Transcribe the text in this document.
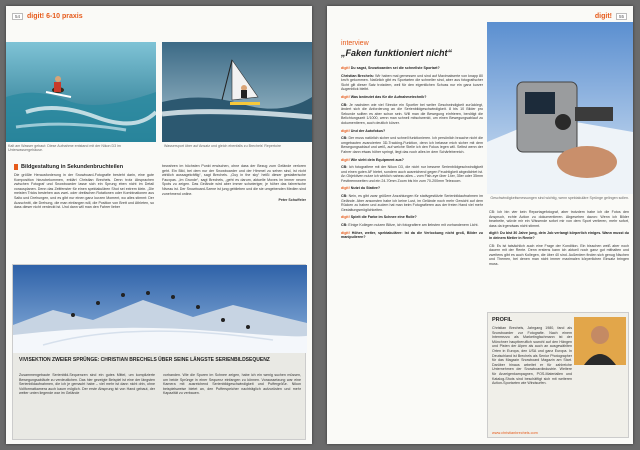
54	digit! 6-10 praxis
Kalt am Wasser gebaut: Diese Aufnahme entstand mit der Nikon D3 im Unterwassergehäuse.
Wassersport über auf Ansatz und gleich ebenfalls zu Brechels' Repertoire
Bildgestaltung in Sekundenbruchteilen
Die größte Herausforderung in der Snowboard-Fotografie besteht darin, eine gute Komposition hinzubekommen, erklärt Christian Brechels. Denn trotz Absprachen zwischen Fotograf und Snowboarder lasse sich ein Sprung eben nicht im Detail vorausplanen. Denn das Zeitfenster für einen spektakulären Shot sei extrem klein. „Die meisten Tricks bestehen aus zwei- oder dreifachen Rotationen oder Kombinationen aus Salto und Drehungen, und es gibt nur einen ganz kurzen Moment, wo alles stimmt: Der Ausschnitt, die Drehung, die man einfangen will, die Position von Brett und Athleten, so dass dieser nicht verdeckt ist. Und dann will man den Fahrer lieber
bewahren im höchsten Punkt erwischen, ohne dass der Bezug zum Gelände verloren geht. Ein Bild, bei dem nur der Snowboarder und der Himmel zu sehen sind, ist nicht wirklich aussagekräftig“, sagt Brechels. „Guy in the sky“ heißt dieser gestalterische Fauxpas. „Im Grunde“, sagt Brechels, „geht es darum, aktuelle Moves im immer neuen Spots zu zeigen. Das Gelände wird aber immer schwieriger, je höher das fahrerische Niveau ist. Der Snowboard-Szene ist jung geblieben und die sie umgebenden Medien sind zunehmend online.
Peter Schuffeler
VIVISEKTION ZWEIER SPRÜNGE: CHRISTIAN BRECHELS ÜBER SEINE LÄNGSTE SERIENBILDSEQUENZ
Zusammengebaute Serienbild-Sequenzen sind ein gutes Mittel, um komplizierte Bewegungsabläufe zu verdeutlichen. Das hier gezeigte Beispiel ist eine der längsten Serienbildaufnahmen, die ich je gemacht habe – viel mehr ist dann nicht drin, ohne Vollformatkamera auch kaum möglich. Der erste Absprung ist von Hand gebaut, der weiter unten liegende war im Gelände
vorhanden. Wie die Spuren im Schnee zeigen, habe ich ein wenig suchen müssen, um beide Sprünge in einer Sequenz einfangen zu können. Voraussetzung war eine Kamera mit ausreichend Serienbildgeschwindigkeit und Puffergröße. Nikon beispielsweise bietet an, den Pufferspeicher nachträglich aufzurüsten und mehr Kapazität zu verbauen.
digit!	55
interview
„Faken funktioniert nicht“
Geschwindigkeitsmessungen sind wichtig, wenn spektakuläre Sprünge gelingen sollen.
digit! Du sagst, Snowboarden sei die schnellste Sportart?
Christian Brechels: Wir haben mal gemessen und sind auf Maximalwerte von knapp 80 km/h gekommen. Natürlich gibt es Sportarten die schneller sind, aber aus fotografischer Sicht gilt dieser Satz trotzdem, weil für den eigentlichen Schuss nur ein ganz kurzer Augenblick bleibt.
digit! Was bedeutet das für die Aufnahmetechnik?
CB: Je nachdem wie viel Strecke ein Sportler bei weiter Geschwindigkeit zurücklegt, ändert sich die Anforderung an die Serienbildgeschwindigkeit. 8 bis 10 Bilder pro Sekunde sollten es aber schon sein. Will man die Bewegung einfrieren, benötigt die Belichtungszeit 1/1000, wenn man schnell mitschwenkt, um einen Bewegungsablauf zu dokumentieren, auch deutlich kürzer.
digit! Und der Autofokus?
CB: Der muss natürlich sicher und schnell funktionieren. Ich persönlich brauche nicht die umgebauten avancierten 3D-Tracking-Funktion, denn ich belasse mich sicher mit dem Bewegungsablauf und weiß, auf welche Stelle ich den Fokus legen will. Selbst wenn der Fahrer dann etwas höher springt, liegt das noch alles im dem Schärfebereich.
digit! Wie sieht dein Equipment aus?
CB: Ich fotografiere mit der Nikon D3, die nicht nur bessere Serienbildgeschwindigkeit und einen guten AF bietet, sondern auch ausreichend gegen Feuchtigkeit abgedichtet ist. An Objektiven nutze ich wirklich nahezu alles – vom Fish-eye über 14er, 35er oder 35mm Festbrennweiten und ein 24-70mm Zoom bis hin zum 70-200mm Telezoom.
digit! Nutzt du Stative?
CB: Nein, es gibt zwar größere Anzahlungen für stativgestützte Serienbildaufnahmen im Gelände. Aber ansonsten habe ich keine Lust, im Gelände noch mehr Gewicht auf dem Rücken zu haben und zudem hat man beim Fotografieren aus der freien Hand viel mehr Gestaltungsmöglichkeiten.
digit! Spielt die Farbe im Schnee eine Rolle?
CB: Einige Kollegen nutzen Blitze, ich fotografiere am liebsten mit vorhandenem Licht.
digit! Höher, weiter, spektakulärer: Ist da die Verlockung nicht groß, Bilder zu manipulieren?
CB: Ich bin vier kein Reportagefotograf, aber trotzdem habe ich die Fotos den Anspruch, echte Action zu dokumentieren. Abgesehen davon: Wenn ich Bilder bearbeite, würde mir ein Wissende sofort mir von dem Sport verlieren, mehr sofort, dass da irgendwas nicht stimmt.
digit!: Du bist 30 Jahre jung, dein Job verlangt körperlich einiges. Wann musst du in deinem Metier in Rente?
CB: Es ist tatsächlich auch eine Frage der Kondition. Ein bisschen weiß aber noch dauern mit der Rente. Denn erstens kann ich aktuell noch ganz gut mithalten und zweitens gibt es auch Kollegen, die über 40 sind. Außerdem finden sich genug Nischen und Themen, bei denen man nicht immer maximalen körperlichen Einsatz bringen muss.
PROFIL
Christian Brechels, Jahrgang 1980, fand als Snowboarder zur Fotografie. Nach einem Intermezzo als Marketingfachmann ist der Münchner hauptberuflich sowohl auf den Hängen und Pisten der Alpen als auch an ausgewählten Orten in Europa, den USA und ganz Europa. In Deutschland ist Brechels als Senior Photographer für das Magazin Snowboard Magazin am Start. Darüber hinaus arbeitet er für zahlreiche Unternehmen der Snowboardindustrie. Weitere für Anzeigenkampagnen, POS-Materialien und Katalog-Shots sind beschäftigt sich mit weiteren Action-Sportarten wie Windsurfen.
www.christianbrechels.com
